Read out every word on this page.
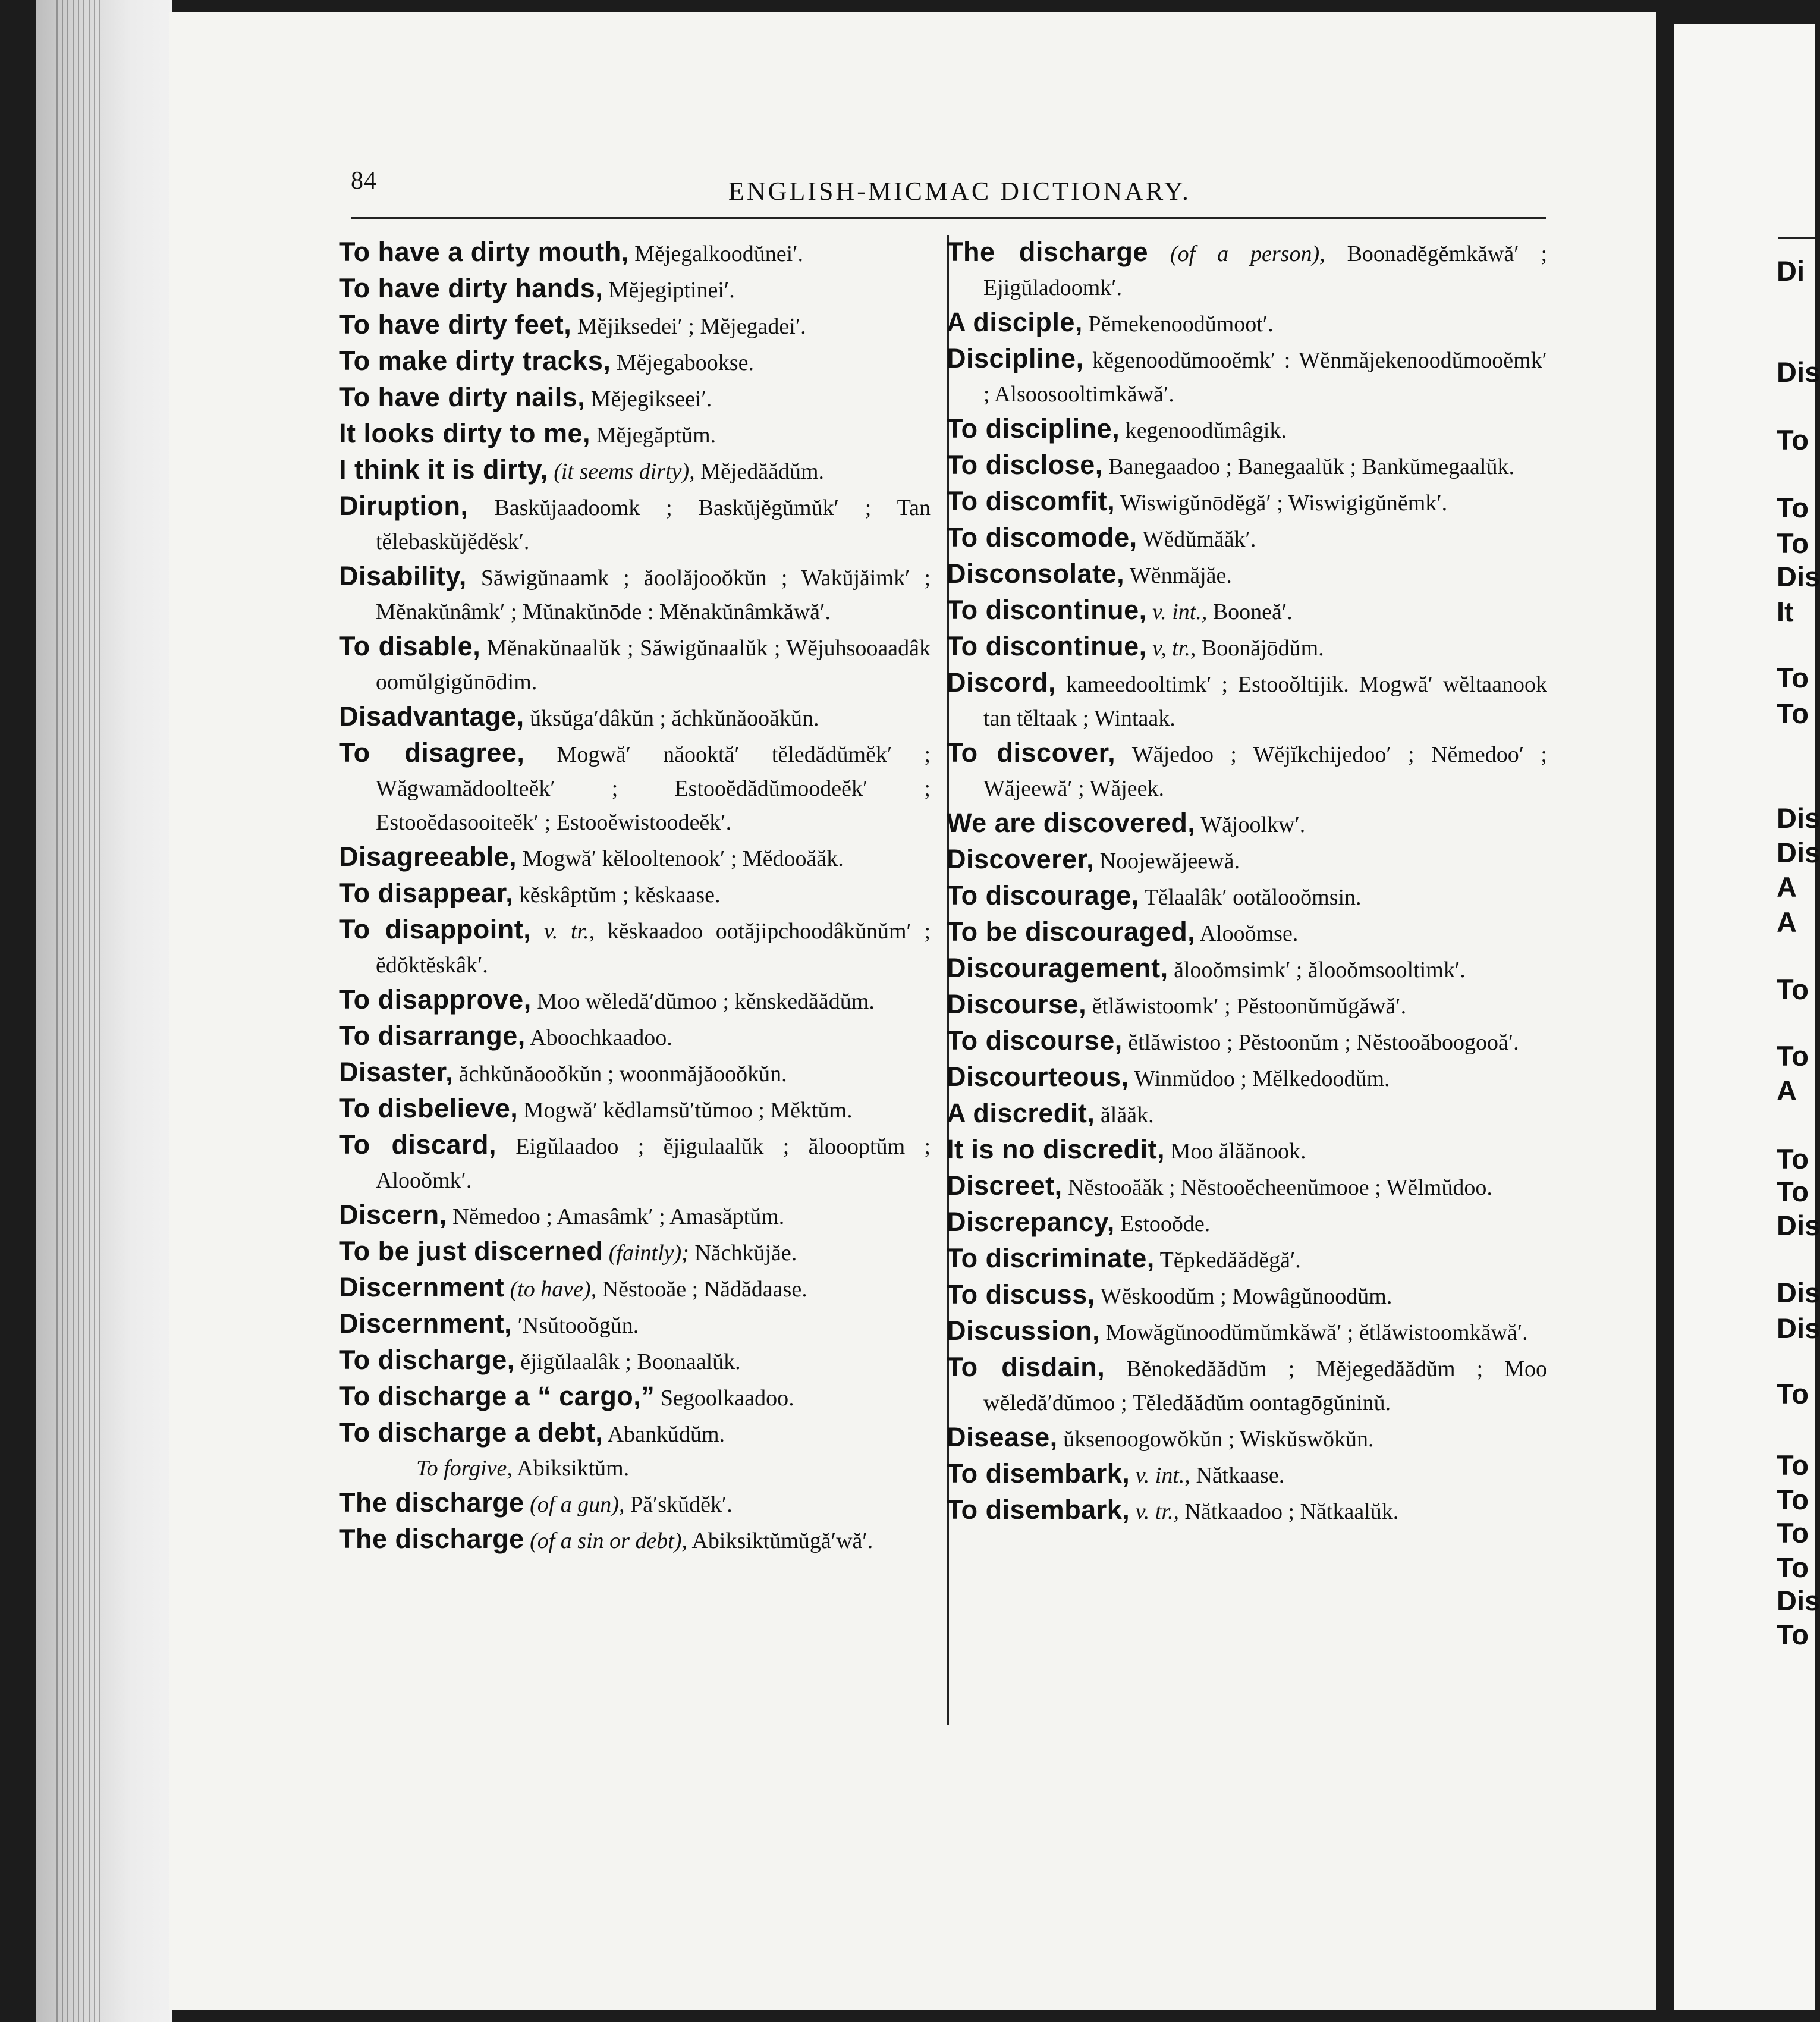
Di
Dis
To
To
To
Dis
It
To
To
Dis
Dis
A
A
To
To
A
To
To
Dis
Dis
Dis
To
To
To
To
To
Dis
To
84	ENGLISH-MICMAC DICTIONARY.
To have a dirty mouth, Mĕjegalkoodŭnei′.
To have dirty hands, Mĕjegiptinei′.
To have dirty feet, Mĕjiksedei′ ; Mĕjegadei′.
To make dirty tracks, Mĕjegabookse.
To have dirty nails, Mĕjegikseei′.
It looks dirty to me, Mĕjegăptŭm.
I think it is dirty, (it seems dirty), Mĕjedăădŭm.
Diruption, Baskŭjaadoomk ; Baskŭjĕgŭmŭk′ ; Tan tĕlebaskŭjĕdĕsk′.
Disability, Săwigŭnaamk ; ăoolăjooŏkŭn ; Wakŭjăimk′ ; Mĕnakŭnâmk′ ; Mŭnakŭnōde : Mĕnakŭnâmkăwă′.
To disable, Mĕnakŭnaalŭk ; Săwigŭnaalŭk ; Wĕjuhsooaadâk oomŭlgigŭnōdim.
Disadvantage, ŭksŭga′dâkŭn ; ăchkŭnăooăkŭn.
To disagree, Mogwă′ năooktă′ tĕledădŭmĕk′ ; Wăgwamădoolteĕk′ ; Estooĕdădŭmoodeĕk′ ; Estooĕdasooiteĕk′ ; Estooĕwistoodeĕk′.
Disagreeable, Mogwă′ kĕlooltenook′ ; Mĕdooăăk.
To disappear, kĕskâptŭm ; kĕskaase.
To disappoint, v. tr., kĕskaadoo ootăjipchoodâkŭnŭm′ ; ĕdŏktĕskâk′.
To disapprove, Moo wĕledă′dŭmoo ; kĕnskedăădŭm.
To disarrange, Aboochkaadoo.
Disaster, ăchkŭnăooŏkŭn ; woonmăjăooŏkŭn.
To disbelieve, Mogwă′ kĕdlamsŭ′tŭmoo ; Mĕktŭm.
To discard, Eigŭlaadoo ; ĕjigulaalŭk ; ăloooptŭm ; Alooŏmk′.
Discern, Nĕmedoo ; Amasâmk′ ; Amasăptŭm.
To be just discerned (faintly); Năchkŭjăe.
Discernment (to have), Nĕstooăe ; Nădădaase.
Discernment, ′Nsŭtooŏgŭn.
To discharge, ĕjigŭlaalâk ; Boonaalŭk.
To discharge a “ cargo,” Segoolkaadoo.
To discharge a debt, Abankŭdŭm.
To forgive, Abiksiktŭm.
The discharge (of a gun), Pă′skŭdĕk′.
The discharge (of a sin or debt), Abiksiktŭmŭgă′wă′.
The discharge (of a person), Boonadĕgĕmkăwă′ ; Ejigŭladoomk′.
A disciple, Pĕmekenoodŭmoot′.
Discipline, kĕgenoodŭmooĕmk′ : Wĕnmăjekenoodŭmooĕmk′ ; Alsoosooltimkăwă′.
To discipline, kegenoodŭmâgik.
To disclose, Banegaadoo ; Banegaalŭk ; Bankŭmegaalŭk.
To discomfit, Wiswigŭnōdĕgă′ ; Wiswigigŭnĕmk′.
To discomode, Wĕdŭmăăk′.
Disconsolate, Wĕnmăjăe.
To discontinue, v. int., Booneă′.
To discontinue, v, tr., Boonăjōdŭm.
Discord, kameedooltimk′ ; Estooŏltijik. Mogwă′ wĕltaanook tan tĕltaak ; Wintaak.
To discover, Wăjedoo ; Wĕjĭkchijedoo′ ; Nĕmedoo′ ; Wăjeewă′ ; Wăjeek.
We are discovered, Wăjoolkw′.
Discoverer, Noojewăjeewă.
To discourage, Tĕlaalâk′ ootălooŏmsin.
To be discouraged, Alooŏmse.
Discouragement, ălooŏmsimk′ ; ălooŏmsooltimk′.
Discourse, ĕtlăwistoomk′ ; Pĕstoonŭmŭgăwă′.
To discourse, ĕtlăwistoo ; Pĕstoonŭm ; Nĕstooăboogooă′.
Discourteous, Winmŭdoo ; Mĕlkedoodŭm.
A discredit, ălăăk.
It is no discredit, Moo ălăănook.
Discreet, Nĕstooăăk ; Nĕstooĕcheenŭmooe ; Wĕlmŭdoo.
Discrepancy, Estooŏde.
To discriminate, Tĕpkedăădĕgă′.
To discuss, Wĕskoodŭm ; Mowâgŭnoodŭm.
Discussion, Mowăgŭnoodŭmŭmkăwă′ ; ĕtlăwistoomkăwă′.
To disdain, Bĕnokedăădŭm ; Mĕjegedăădŭm ; Moo wĕledă′dŭmoo ; Tĕledăădŭm oontagōgŭninŭ.
Disease, ŭksenoogowŏkŭn ; Wiskŭswŏkŭn.
To disembark, v. int., Nătkaase.
To disembark, v. tr., Nătkaadoo ; Nătkaalŭk.
